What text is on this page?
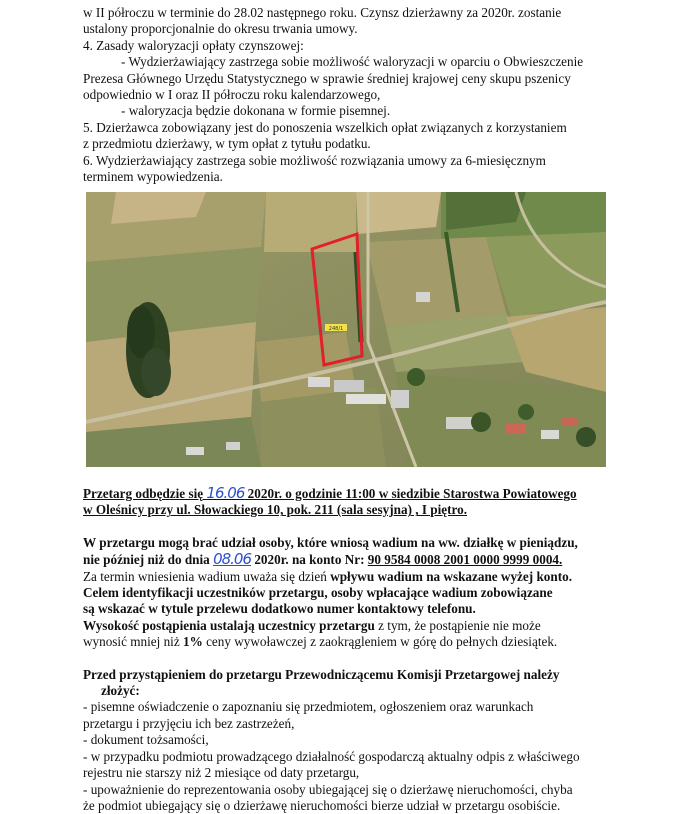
w II półroczu w terminie do 28.02 następnego roku. Czynsz dzierżawny za 2020r. zostanie

ustalony proporcjonalnie do okresu trwania umowy.

4. Zasady waloryzacji opłaty czynszowej:

- Wydzierżawiający zastrzega sobie możliwość waloryzacji w oparciu o Obwieszczenie

Prezesa Głównego Urzędu Statystycznego w sprawie średniej krajowej ceny skupu pszenicy

odpowiednio w I oraz II półroczu roku kalendarzowego,

- waloryzacja będzie dokonana w formie pisemnej.

5. Dzierżawca zobowiązany jest do ponoszenia wszelkich opłat związanych z korzystaniem

z przedmiotu dzierżawy, w tym opłat z tytułu podatku.

6. Wydzierżawiający zastrzega sobie możliwość rozwiązania umowy za 6-miesięcznym

terminem wypowiedzenia.

248/1

Przetarg odbędzie się 16.06 2020r. o godzinie 11:00 w siedzibie Starostwa Powiatowego

w Oleśnicy przy ul. Słowackiego 10, pok. 211 (sala sesyjna) , I piętro.

W przetargu mogą brać udział osoby, które wniosą wadium na ww. działkę w pieniądzu,

nie później niż do dnia 08.06 2020r. na konto Nr: 90 9584 0008 2001 0000 9999 0004.

Za termin wniesienia wadium uważa się dzień wpływu wadium na wskazane wyżej konto.

Celem identyfikacji uczestników przetargu, osoby wpłacające wadium zobowiązane

są wskazać w tytule przelewu dodatkowo numer kontaktowy telefonu.

Wysokość postąpienia ustalają uczestnicy przetargu z tym, że postąpienie nie może

wynosić mniej niż 1% ceny wywoławczej z zaokrągleniem w górę do pełnych dziesiątek.

Przed przystąpieniem do przetargu Przewodniczącemu Komisji Przetargowej należy

złożyć:

- pisemne oświadczenie o zapoznaniu się przedmiotem, ogłoszeniem oraz warunkach

przetargu i przyjęciu ich bez zastrzeżeń,

- dokument tożsamości,

- w przypadku podmiotu prowadzącego działalność gospodarczą aktualny odpis z właściwego

rejestru nie starszy niż 2 miesiące od daty przetargu,

- upoważnienie do reprezentowania osoby ubiegającej się o dzierżawę nieruchomości, chyba

że podmiot ubiegający się o dzierżawę nieruchomości bierze udział w przetargu osobiście.
